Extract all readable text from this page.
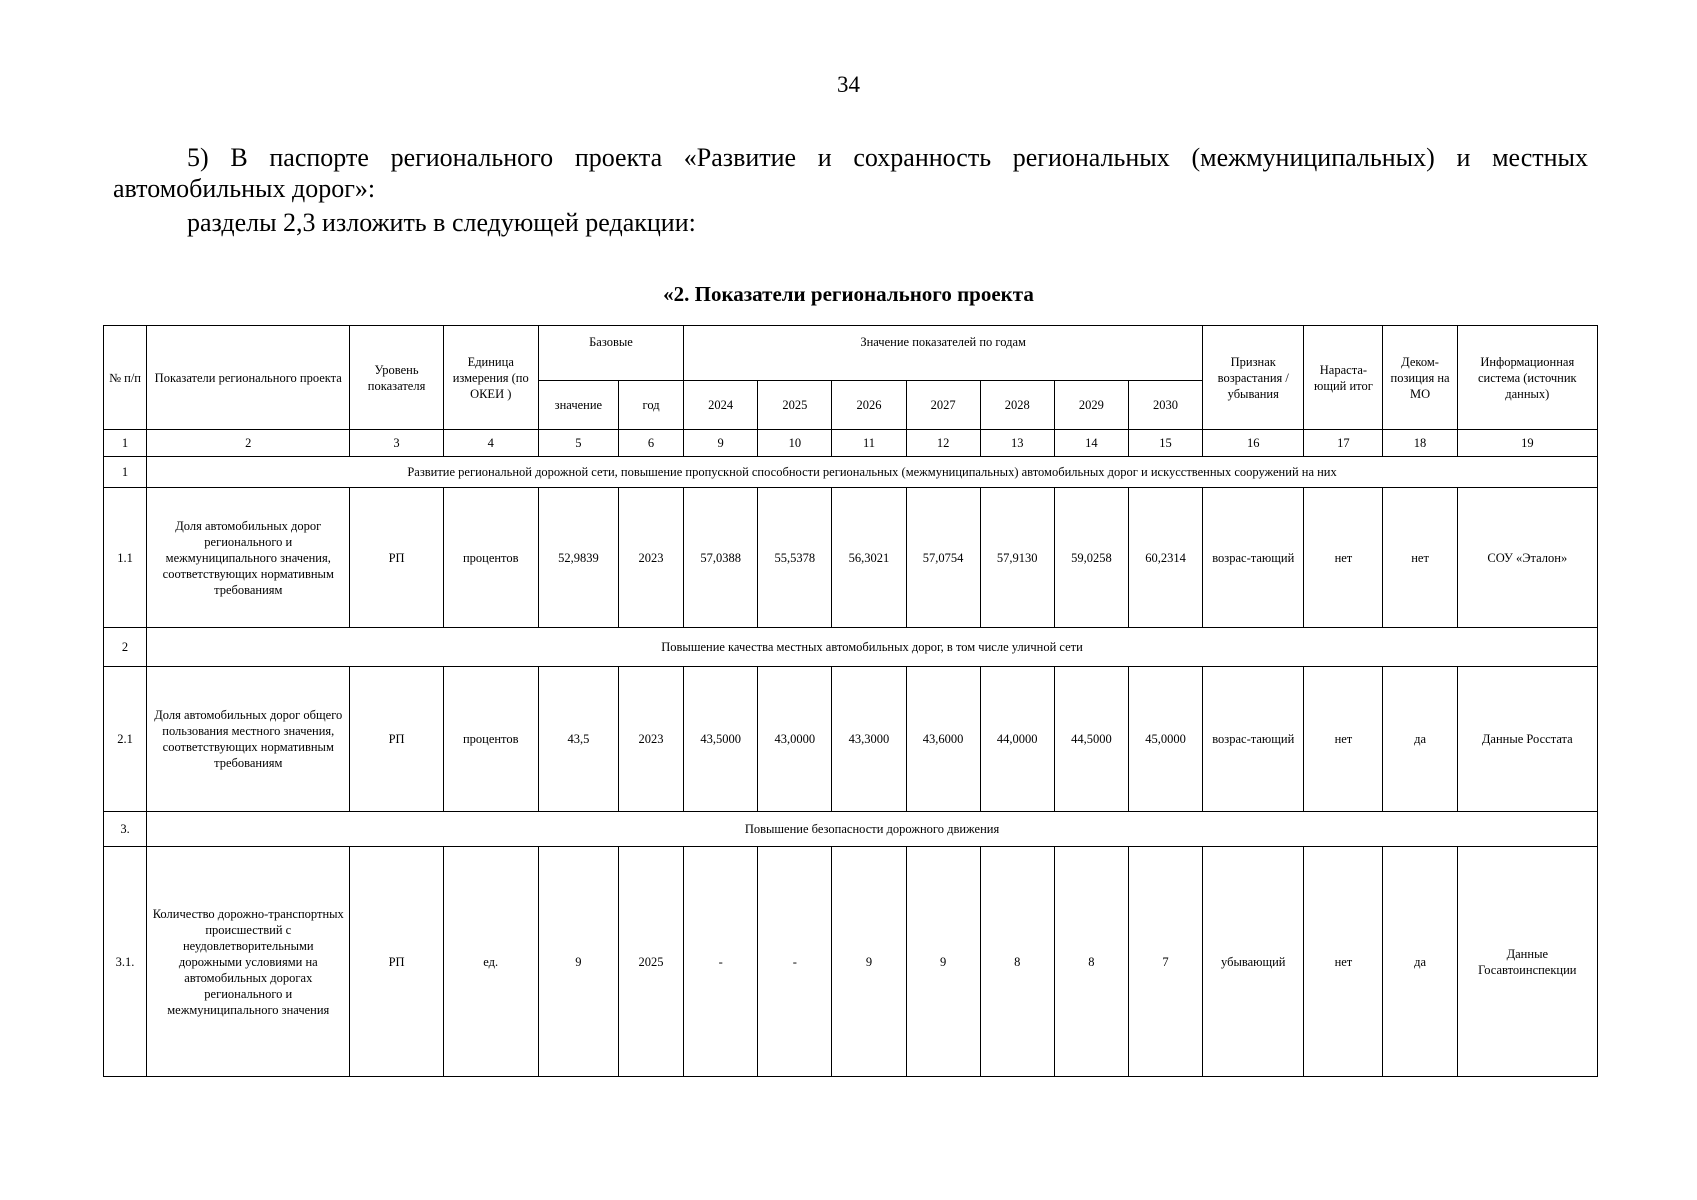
34
5) В паспорте регионального проекта «Развитие и сохранность региональных (межмуниципальных) и местных автомобильных дорог»:
разделы 2,3 изложить в следующей редакции:
«2. Показатели регионального проекта
№ п/п	Показатели регионального проекта	Уровень показателя	Единица измерения (по ОКЕИ )	Базовые		Значение показателей по годам							Признак возрастания / убывания	Нараста-ющий итог	Деком-позиция на МО	Информационная система (источник данных)
				значение	год	2024	2025	2026	2027	2028	2029	2030				
1	2	3	4	5	6	9	10	11	12	13	14	15	16	17	18	19
1	Развитие региональной дорожной сети, повышение пропускной способности региональных (межмуниципальных) автомобильных дорог и искусственных сооружений на них															
1.1	Доля автомобильных дорог регионального и межмуниципального значения, соответствующих нормативным требованиям	РП	процентов	52,9839	2023	57,0388	55,5378	56,3021	57,0754	57,9130	59,0258	60,2314	возрас-тающий	нет	нет	СОУ «Эталон»
2	Повышение качества местных автомобильных дорог, в том числе уличной сети															
2.1	Доля автомобильных дорог общего пользования местного значения, соответствующих нормативным требованиям	РП	процентов	43,5	2023	43,5000	43,0000	43,3000	43,6000	44,0000	44,5000	45,0000	возрас-тающий	нет	да	Данные Росстата
3.	Повышение безопасности дорожного движения															
3.1.	Количество дорожно-транспортных происшествий с неудовлетворительными дорожными условиями на автомобильных дорогах регионального и межмуниципального значения	РП	ед.	9	2025	-	-	9	9	8	8	7	убывающий	нет	да	Данные Госавтоинспекции
